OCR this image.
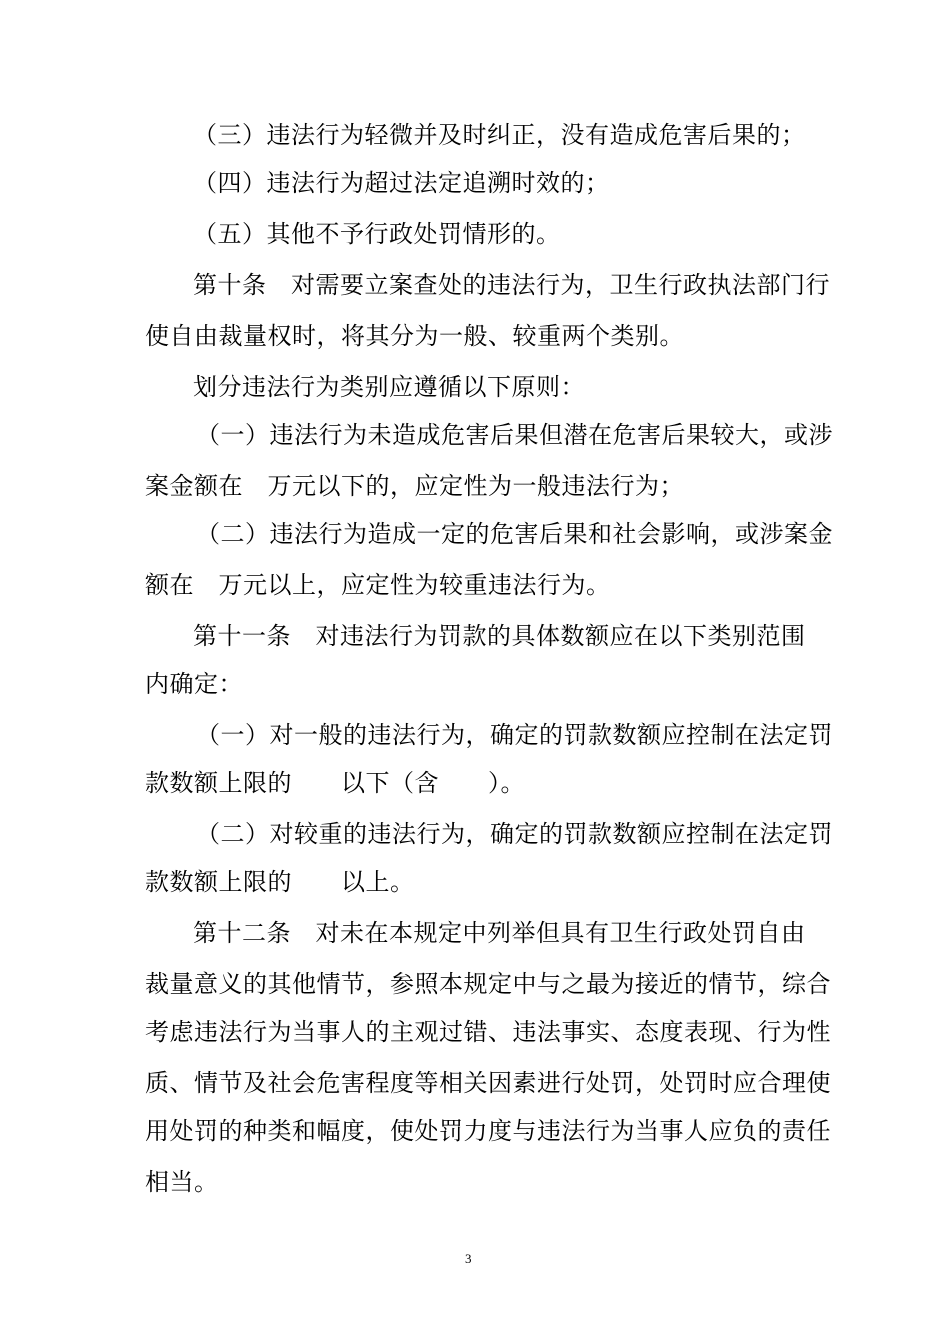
（三）违法行为轻微并及时纠正，没有造成危害后果的；
（四）违法行为超过法定追溯时效的；
（五）其他不予行政处罚情形的。
第十条　对需要立案查处的违法行为，卫生行政执法部门行
使自由裁量权时，将其分为一般、较重两个类别。
划分违法行为类别应遵循以下原则：
（一）违法行为未造成危害后果但潜在危害后果较大，或涉
案金额在　万元以下的，应定性为一般违法行为；
（二）违法行为造成一定的危害后果和社会影响，或涉案金
额在　万元以上，应定性为较重违法行为。
第十一条　对违法行为罚款的具体数额应在以下类别范围
内确定：
（一）对一般的违法行为，确定的罚款数额应控制在法定罚
款数额上限的　　以下（含　　）。
（二）对较重的违法行为，确定的罚款数额应控制在法定罚
款数额上限的　　以上。
第十二条　对未在本规定中列举但具有卫生行政处罚自由
裁量意义的其他情节，参照本规定中与之最为接近的情节，综合
考虑违法行为当事人的主观过错、违法事实、态度表现、行为性
质、情节及社会危害程度等相关因素进行处罚，处罚时应合理使
用处罚的种类和幅度，使处罚力度与违法行为当事人应负的责任
相当。
3
